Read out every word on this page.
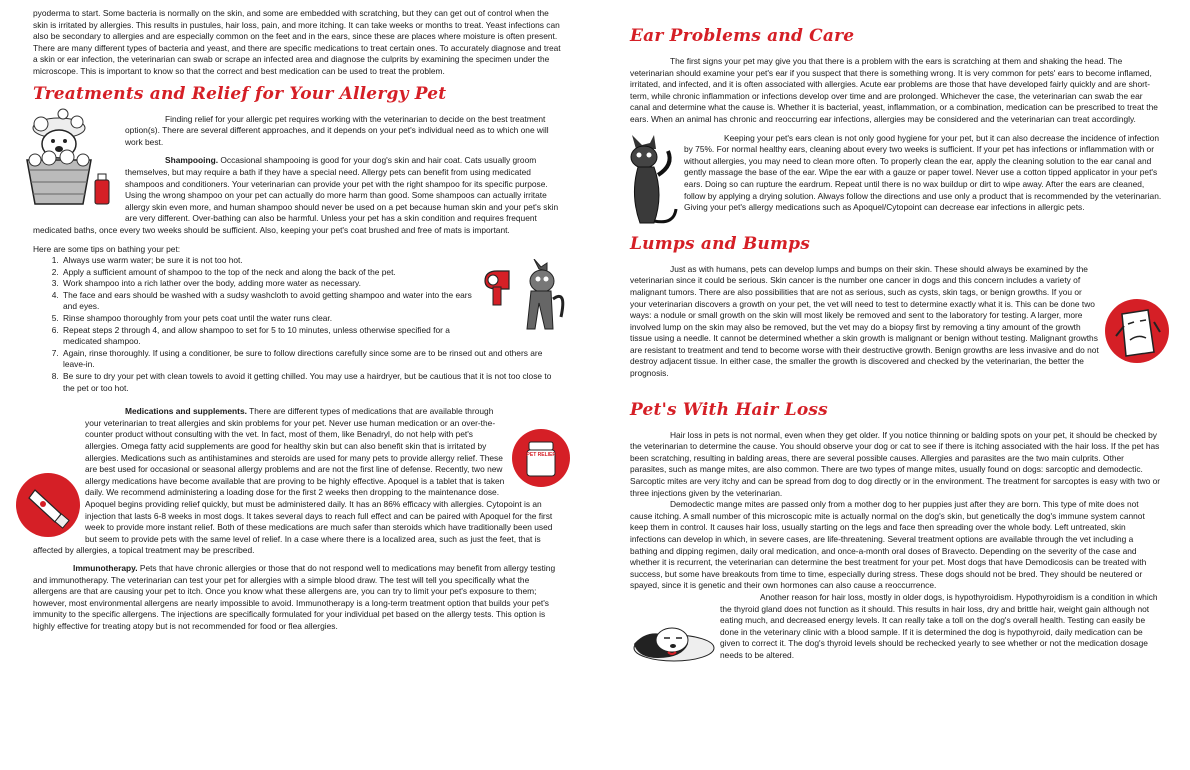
pyoderma to start. Some bacteria is normally on the skin, and some are embedded with scratching, but they can get out of control when the skin is irritated by allergies. This results in pustules, hair loss, pain, and more itching. It can take weeks or months to treat. Yeast infections can also be secondary to allergies and are especially common on the feet and in the ears, since these are places where moisture is often present. There are many different types of bacteria and yeast, and there are specific medications to treat certain ones. To accurately diagnose and treat a skin or ear infection, the veterinarian can swab or scrape an infected area and diagnose the culprits by examining the specimen under the microscope. This is important to know so that the correct and best medication can be used to treat the problem.

Treatments and Relief for Your Allergy Pet

Finding relief for your allergic pet requires working with the veterinarian to decide on the best treatment option(s). There are several different approaches, and it depends on your pet's individual need as to which one will work best.

Shampooing. Occasional shampooing is good for your dog's skin and hair coat. Cats usually groom themselves, but may require a bath if they have a special need. Allergy pets can benefit from using medicated shampoos and conditioners. Your veterinarian can provide your pet with the right shampoo for its specific purpose. Using the wrong shampoo on your pet can actually do more harm than good. Some shampoos can actually irritate allergy skin even more, and human shampoo should never be used on a pet because human skin and your pet's skin are very different. Over-bathing can also be harmful. Unless your pet has a skin condition and requires frequent medicated baths, once every two weeks should be sufficient. Also, keeping your pet's coat brushed and free of mats is important.

Here are some tips on bathing your pet:

1. Always use warm water; be sure it is not too hot.
2. Apply a sufficient amount of shampoo to the top of the neck and along the back of the pet.
3. Work shampoo into a rich lather over the body, adding more water as necessary.
4. The face and ears should be washed with a sudsy washcloth to avoid getting shampoo and water into the ears and eyes.
5. Rinse shampoo thoroughly from your pets coat until the water runs clear.
6. Repeat steps 2 through 4, and allow shampoo to set for 5 to 10 minutes, unless otherwise specified for a medicated shampoo.
7. Again, rinse thoroughly. If using a conditioner, be sure to follow directions carefully since some are to be rinsed out and others are leave-in.
8. Be sure to dry your pet with clean towels to avoid it getting chilled. You may use a hairdryer, but be cautious that it is not too close to the pet or too hot.
PET RELIEF

Medications and supplements. There are different types of medications that are available through your veterinarian to treat allergies and skin problems for your pet. Never use human medication or an over-the-counter product without consulting with the vet. In fact, most of them, like Benadryl, do not help with pet's allergies. Omega fatty acid supplements are good for healthy skin but can also benefit skin that is irritated by allergies. Medications such as antihistamines and steroids are used for many pets to provide allergy relief. These are best used for occasional or seasonal allergy problems and are not the first line of defense. Recently, two new allergy medications have become available that are proving to be highly effective. Apoquel is a tablet that is taken daily. We recommend administering a loading dose for the first 2 weeks then dropping to the maintenance dose. Apoquel begins providing relief quickly, but must be administered daily. It has an 86% efficacy with allergies. Cytopoint is an injection that lasts 6-8 weeks in most dogs. It takes several days to reach full effect and can be paired with Apoquel for the first week to provide more instant relief. Both of these medications are much safer than steroids which have traditionally been used but seem to provide pets with the same level of relief. In a case where there is a localized area, such as just the feet, that is affected by allergies, a topical treatment may be prescribed.

Immunotherapy. Pets that have chronic allergies or those that do not respond well to medications may benefit from allergy testing and immunotherapy. The veterinarian can test your pet for allergies with a simple blood draw. The test will tell you specifically what the allergens are that are causing your pet to itch. Once you know what these allergens are, you can try to limit your pet's exposure to them; however, most environmental allergens are nearly impossible to avoid. Immunotherapy is a long-term treatment option that builds your pet's immunity to the specific allergens. The injections are specifically formulated for your individual pet based on the allergy tests. This option is highly effective for treating atopy but is not recommended for food or flea allergies.

Ear Problems and Care

The first signs your pet may give you that there is a problem with the ears is scratching at them and shaking the head. The veterinarian should examine your pet's ear if you suspect that there is something wrong. It is very common for pets' ears to become inflamed, irritated, and infected, and it is often associated with allergies. Acute ear problems are those that have developed fairly quickly and are short-term, while chronic inflammation or infections develop over time and are prolonged. Whichever the case, the veterinarian can swab the ear canal and determine what the cause is. Whether it is bacterial, yeast, inflammation, or a combination, medication can be prescribed to treat the ears. When an animal has chronic and reoccurring ear infections, allergies may be considered and the veterinarian can treat accordingly.

Keeping your pet's ears clean is not only good hygiene for your pet, but it can also decrease the incidence of infection by 75%. For normal healthy ears, cleaning about every two weeks is sufficient. If your pet has infections or inflammation with or without allergies, you may need to clean more often. To properly clean the ear, apply the cleaning solution to the ear canal and gently massage the base of the ear. Wipe the ear with a gauze or paper towel. Never use a cotton tipped applicator in your pet's ears. Doing so can rupture the eardrum. Repeat until there is no wax buildup or dirt to wipe away. After the ears are cleaned, follow by applying a drying solution. Always follow the directions and use only a product that is recommended by the veterinarian. Giving your pet's allergy medications such as Apoquel/Cytopoint can decrease ear infections in allergic pets.

Lumps and Bumps

Just as with humans, pets can develop lumps and bumps on their skin. These should always be examined by the veterinarian since it could be serious. Skin cancer is the number one cancer in dogs and this concern includes a variety of malignant tumors. There are also possibilities that are not as serious, such as cysts, skin tags, or benign growths. If you or your veterinarian discovers a growth on your pet, the vet will need to test to determine exactly what it is. This can be done two ways: a nodule or small growth on the skin will most likely be removed and sent to the laboratory for testing. A larger, more involved lump on the skin may also be removed, but the vet may do a biopsy first by removing a tiny amount of the growth tissue using a needle. It cannot be determined whether a skin growth is malignant or benign without testing. Malignant growths are resistant to treatment and tend to become worse with their destructive growth. Benign growths are less invasive and do not destroy adjacent tissue. In either case, the smaller the growth is discovered and checked by the veterinarian, the better the prognosis.

Pet's With Hair Loss

Hair loss in pets is not normal, even when they get older. If you notice thinning or balding spots on your pet, it should be checked by the veterinarian to determine the cause. You should observe your dog or cat to see if there is itching associated with the hair loss. If the pet has been scratching, resulting in balding areas, there are several possible causes. Allergies and parasites are the two main culprits. Other parasites, such as mange mites, are also common. There are two types of mange mites, usually found on dogs: sarcoptic and demodectic. Sarcoptic mites are very itchy and can be spread from dog to dog directly or in the environment. The treatment for sarcoptes is easy with two or three injections given by the veterinarian.

Demodectic mange mites are passed only from a mother dog to her puppies just after they are born. This type of mite does not cause itching. A small number of this microscopic mite is actually normal on the dog's skin, but genetically the dog's immune system cannot keep them in control. It causes hair loss, usually starting on the legs and face then spreading over the whole body. Left untreated, skin infections can develop in which, in severe cases, are life-threatening. Several treatment options are available through the vet including a bathing and dipping regimen, daily oral medication, and once-a-month oral doses of Bravecto. Depending on the severity of the case and whether it is recurrent, the veterinarian can determine the best treatment for your pet. Most dogs that have Demodicosis can be treated with success, but some have breakouts from time to time, especially during stress. These dogs should not be bred. They should be neutered or spayed, since it is genetic and their own hormones can also cause a reoccurrence.

Another reason for hair loss, mostly in older dogs, is hypothyroidism. Hypothyroidism is a condition in which the thyroid gland does not function as it should. This results in hair loss, dry and brittle hair, weight gain although not eating much, and decreased energy levels. It can really take a toll on the dog's overall health. Testing can easily be done in the veterinary clinic with a blood sample. If it is determined the dog is hypothyroid, daily medication can be given to correct it. The dog's thyroid levels should be rechecked yearly to see whether or not the medication dosage needs to be altered.
